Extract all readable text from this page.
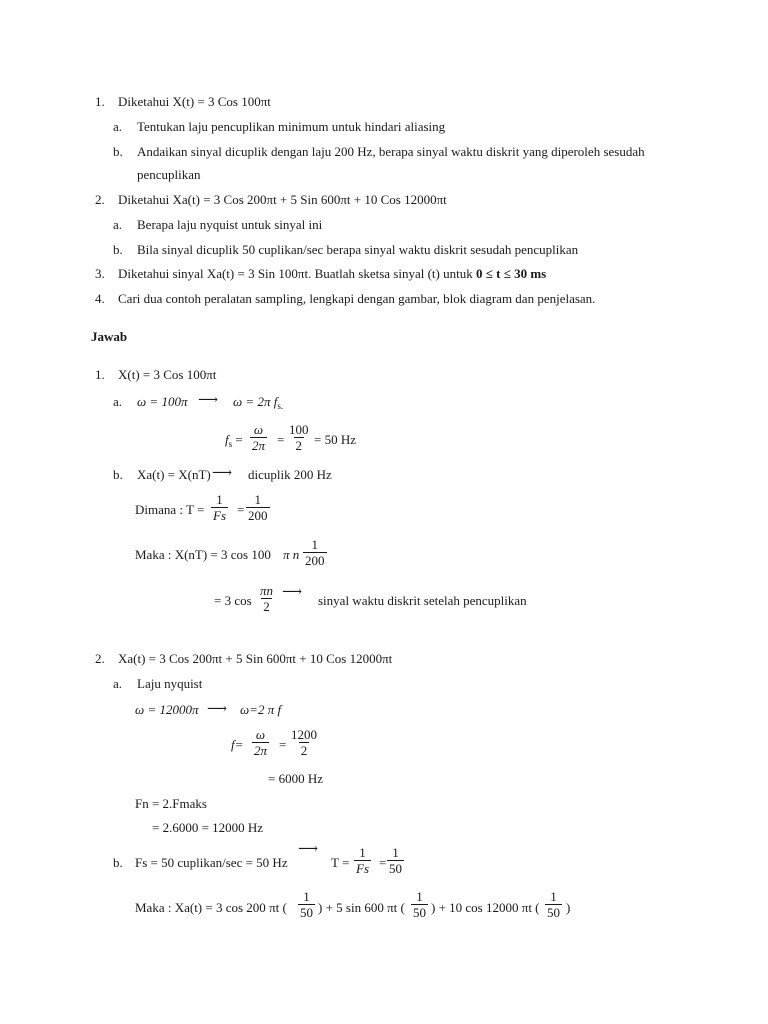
1. Diketahui X(t) = 3 Cos 100πt
a. Tentukan laju pencuplikan minimum untuk hindari aliasing
b. Andaikan sinyal dicuplik dengan laju 200 Hz, berapa sinyal waktu diskrit yang diperoleh sesudah
pencuplikan
2. Diketahui Xa(t) = 3 Cos 200πt + 5 Sin 600πt + 10 Cos 12000πt
a. Berapa laju nyquist untuk sinyal ini
b. Bila sinyal dicuplik 50 cuplikan/sec berapa sinyal waktu diskrit sesudah pencuplikan
3. Diketahui sinyal Xa(t) = 3 Sin 100πt. Buatlah sketsa sinyal (t) untuk 0 ≤ t ≤ 30 ms
4. Cari dua contoh peralatan sampling, lengkapi dengan gambar, blok diagram dan penjelasan.
Jawab
1. X(t) = 3 Cos 100πt
a. ω = 100π ⟶ ω = 2π $f_{s.}$
$f_s = \frac{\omega}{2\pi} = \frac{100}{2} = 50$ Hz
b. Xa(t) = X(nT) ⟶ dicuplik 200 Hz
Dimana : $T = \frac{1}{Fs} = \frac{1}{200}$
Maka : X(nT) = 3 cos 100 π n $\frac{1}{200}$
= 3 $\cos \frac{\pi n}{2}$ ⟶
sinyal waktu diskrit setelah pencuplikan
2. Xa(t) = 3 Cos 200πt + 5 Sin 600πt + 10 Cos 12000πt
a. Laju nyquist
ω = 12000π ⟶ ω=2 π f
$f= \frac{\omega}{2\pi} = \frac{1200}{2}$
= 6000 Hz
Fn = 2.Fmaks
= 2.6000 = 12000 Hz
b. Fs = 50 cuplikan/sec = 50 Hz
⟶
$T = \frac{1}{Fs} = \frac{1}{50}$
Maka : Xa(t) = 3 cos 200 πt ( $\frac{1}{50}$ ) + 5 sin 600 πt ( $\frac{1}{50}$ ) + 10 cos 12000 πt ( $\frac{1}{50}$ )
